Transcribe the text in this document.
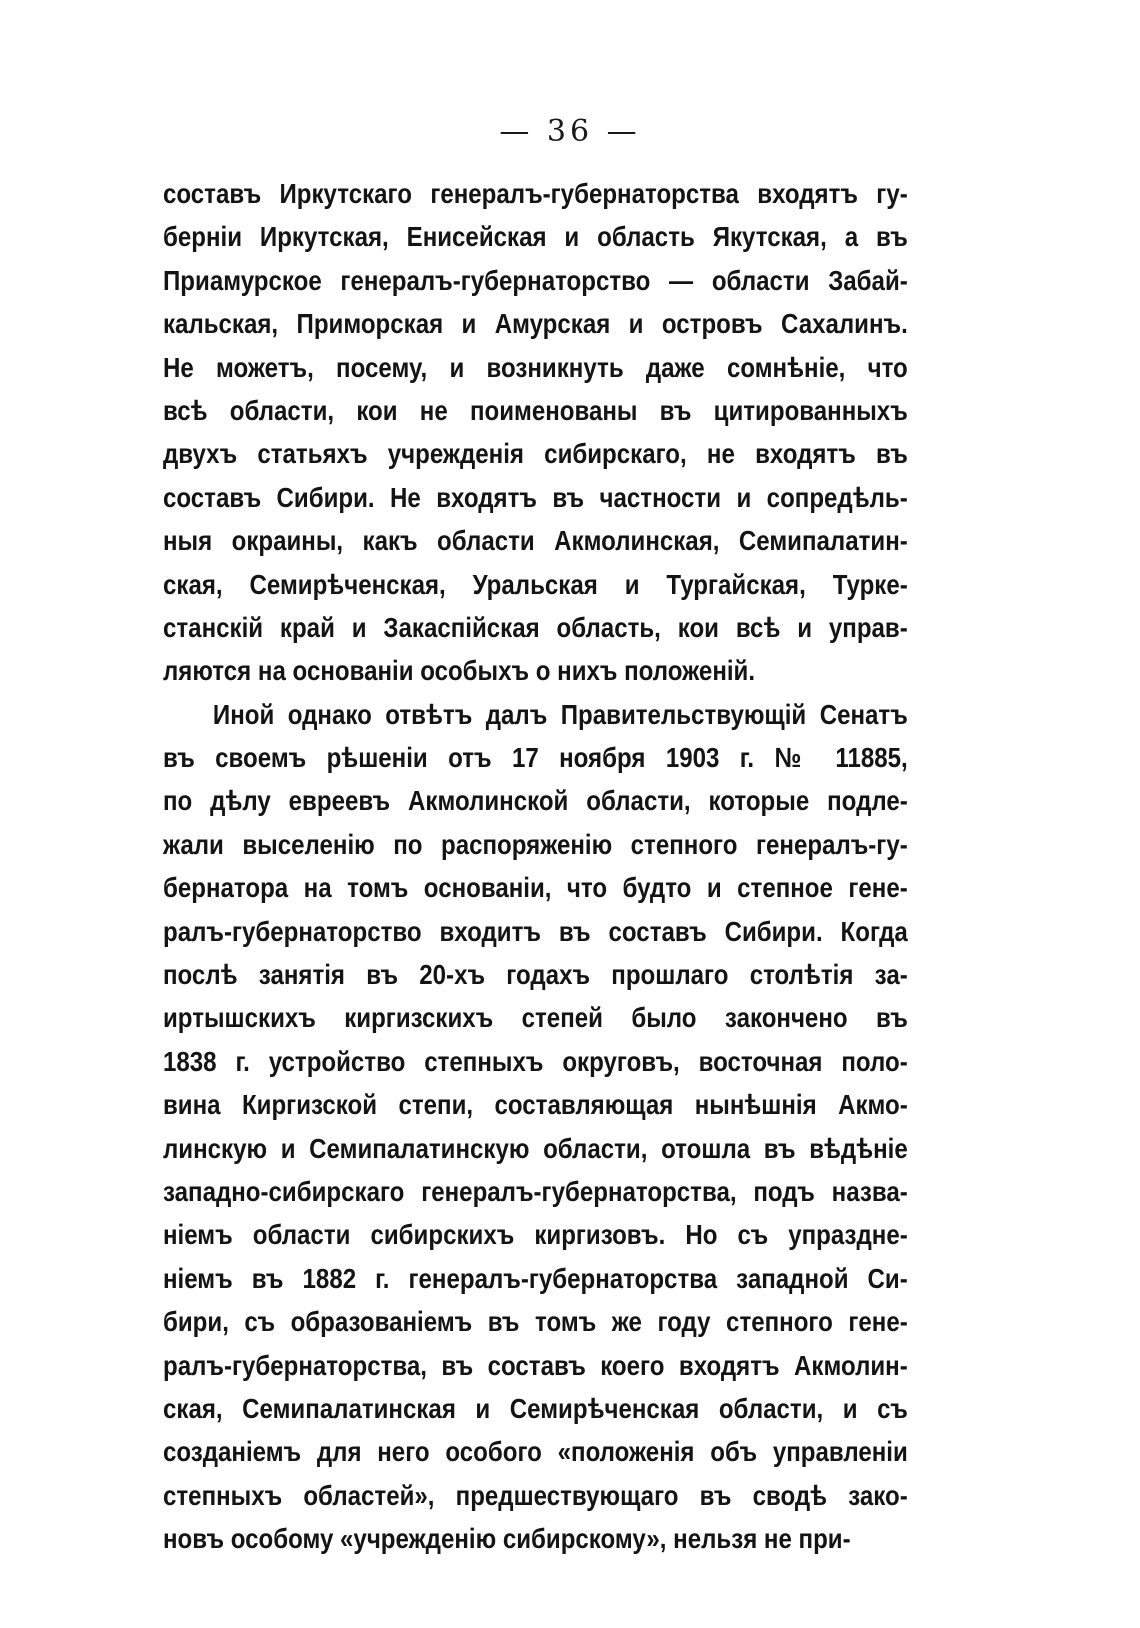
— 36 —
составъ Иркутскаго генералъ-губернаторства входятъ гу-
берніи Иркутская, Енисейская и область Якутская, а въ
Приамурское генералъ-губернаторство — области Забай-
кальская, Приморская и Амурская и островъ Сахалинъ.
Не можетъ, посему, и возникнуть даже сомнѣніе, что
всѣ области, кои не поименованы въ цитированныхъ
двухъ статьяхъ учрежденія сибирскаго, не входятъ въ
составъ Сибири. Не входятъ въ частности и сопредѣль-
ныя окраины, какъ области Акмолинская, Семипалатин-
ская, Семирѣченская, Уральская и Тургайская, Турке-
станскій край и Закаспійская область, кои всѣ и управ-
ляются на основаніи особыхъ о нихъ положеній.
Иной однако отвѣтъ далъ Правительствующій Сенатъ
въ своемъ рѣшеніи отъ 17 ноября 1903 г. № 11885,
по дѣлу евреевъ Акмолинской области, которые подле-
жали выселенію по распоряженію степного генералъ-гу-
бернатора на томъ основаніи, что будто и степное гене-
ралъ-губернаторство входитъ въ составъ Сибири. Когда
послѣ занятія въ 20-хъ годахъ прошлаго столѣтія за-
иртышскихъ киргизскихъ степей было закончено въ
1838 г. устройство степныхъ округовъ, восточная поло-
вина Киргизской степи, составляющая нынѣшнія Акмо-
линскую и Семипалатинскую области, отошла въ вѣдѣніе
западно-сибирскаго генералъ-губернаторства, подъ назва-
ніемъ области сибирскихъ киргизовъ. Но съ упраздне-
ніемъ въ 1882 г. генералъ-губернаторства западной Си-
бири, съ образованіемъ въ томъ же году степного гене-
ралъ-губернаторства, въ составъ коего входятъ Акмолин-
ская, Семипалатинская и Семирѣченская области, и съ
созданіемъ для него особого «положенія объ управленіи
степныхъ областей», предшествующаго въ сводѣ зако-
новъ особому «учрежденію сибирскому», нельзя не при-
